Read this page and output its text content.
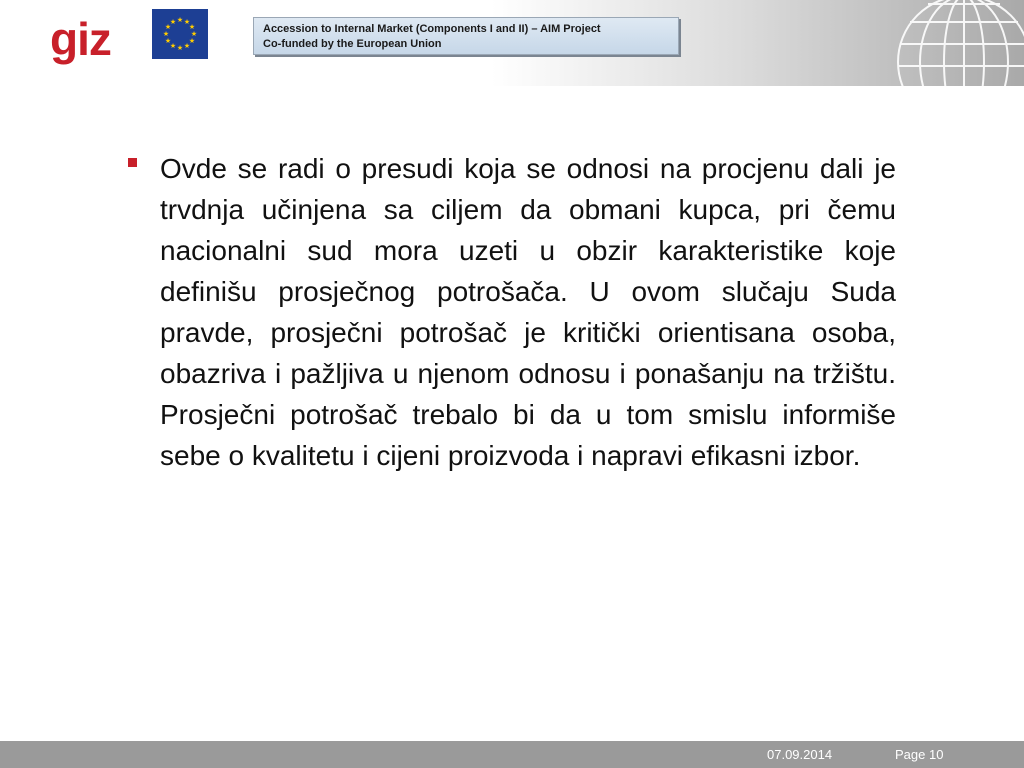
giz	★ ★
★
★
★
★
★
★
★
★
★
★
Accession to Internal Market (Components I and II) – AIM Project
Co-funded by the European Union

Ovde se radi o presudi koja se odnosi na procjenu dali je trvdnja učinjena sa ciljem da obmani kupca, pri čemu nacionalni sud mora uzeti u obzir karakteristike koje definišu prosječnog potrošača. U ovom slučaju Suda pravde, prosječni potrošač je kritički orientisana osoba, obazriva i pažljiva u njenom odnosu i ponašanju na tržištu. Prosječni potrošač trebalo bi da u tom smislu informiše sebe o kvalitetu i cijeni proizvoda i napravi efikasni izbor.

07.09.2014	Page 10
